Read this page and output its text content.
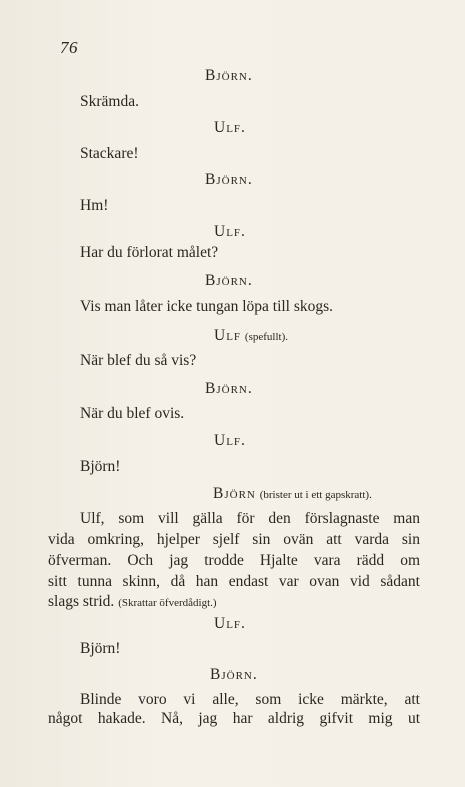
76
Björn.
Skrämda.
Ulf.
Stackare!
Björn.
Hm!
Ulf.
Har du förlorat målet?
Björn.
Vis man låter icke tungan löpa till skogs.
Ulf (spefullt).
När blef du så vis?
Björn.
När du blef ovis.
Ulf.
Björn!
Björn (brister ut i ett gapskratt).
Ulf, som vill gälla för den förslagnaste man
vida omkring, hjelper sjelf sin ovän att varda sin
öfverman. Och jag trodde Hjalte vara rädd om
sitt tunna skinn, då han endast var ovan vid sådant
slags strid. (Skrattar öfverdådigt.)
Ulf.
Björn!
Björn.
Blinde voro vi alle, som icke märkte, att
något hakade. Nå, jag har aldrig gifvit mig ut
